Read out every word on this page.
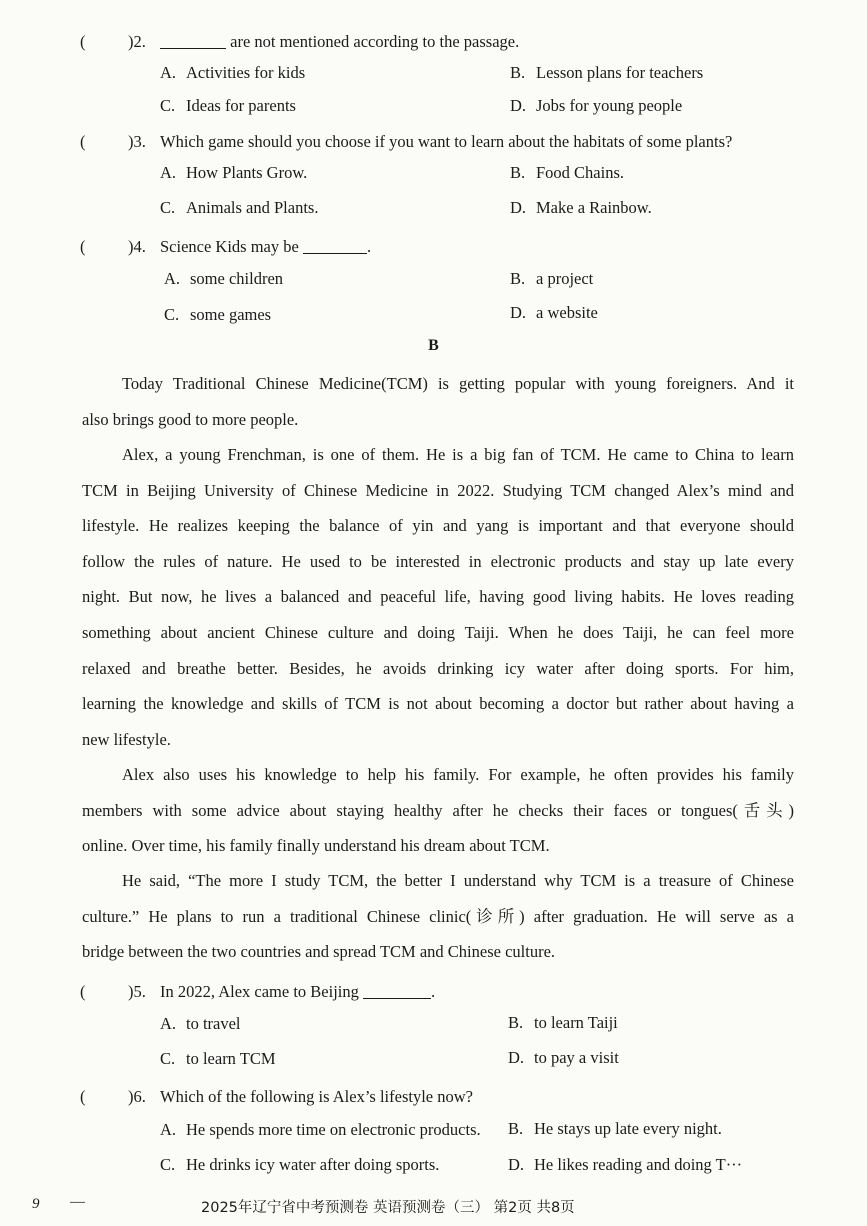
(	)2.	are not mentioned according to the passage.
A. Activities for kids	B. Lesson plans for teachers
C. Ideas for parents	D. Jobs for young people
(	)3. Which game should you choose if you want to learn about the habitats of some plants?
A. How Plants Grow.	B. Food Chains.
C. Animals and Plants.	D. Make a Rainbow.
(	)4. Science Kids may be	.
A. some children	B. a project
C. some games	D. a website
B
Today Traditional Chinese Medicine(TCM) is getting popular with young foreigners. And it
also brings good to more people.
Alex, a young Frenchman, is one of them. He is a big fan of TCM. He came to China to learn
TCM in Beijing University of Chinese Medicine in 2022. Studying TCM changed Alex’s mind and
lifestyle. He realizes keeping the balance of yin and yang is important and that everyone should
follow the rules of nature. He used to be interested in electronic products and stay up late every
night. But now, he lives a balanced and peaceful life, having good living habits. He loves reading
something about ancient Chinese culture and doing Taiji. When he does Taiji, he can feel more
relaxed and breathe better. Besides, he avoids drinking icy water after doing sports. For him,
learning the knowledge and skills of TCM is not about becoming a doctor but rather about having a
new lifestyle.
Alex also uses his knowledge to help his family. For example, he often provides his family
members with some advice about staying healthy after he checks their faces or tongues(舌头)
online. Over time, his family finally understand his dream about TCM.
He said, “The more I study TCM, the better I understand why TCM is a treasure of Chinese
culture.” He plans to run a traditional Chinese clinic(诊所) after graduation. He will serve as a
bridge between the two countries and spread TCM and Chinese culture.
(	)5. In 2022, Alex came to Beijing	.
A. to travel	B. to learn Taiji
C. to learn TCM	D. to pay a visit
(	)6. Which of the following is Alex’s lifestyle now?
A. He spends more time on electronic products. B. He stays up late every night.
C. He drinks icy water after doing sports.	D. He likes reading and doing T···
9 —	2025年辽宁省中考预测卷 英语预测卷（三） 第2页 共8页
